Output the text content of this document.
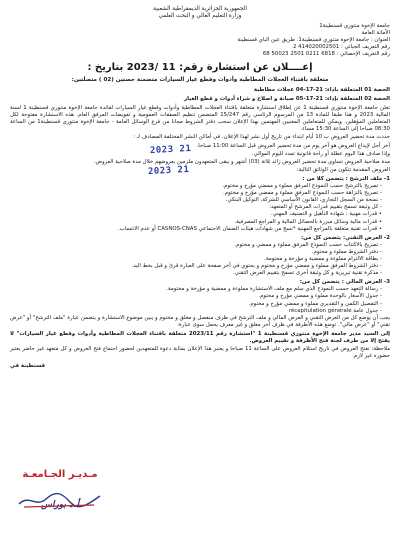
الجمهورية الجزائرية الديمقراطية الشعبية
وزارة التعليم العالي و البحث العلمي
جامعة الإخوة منتوري قسنطينة1
الأمانة العامة
العنوان : جامعة الإخوة منتوري قسنطينة1. طريق عين الباي قسنطينة
رقم التعريف الجبائي : 414020002501 2
رقم التعريف الإحصائي : 6818 0211 2501 50023 68
إعــــلان عن استشارة رقم: 11 /2023 بتاريخ :
متعلقة باقتناء العجلات المطاطية وأدوات وقطع غيار السيارات متضمنة حصتين (02 ) متصلتين:
الحصة 01 المتعلقة باداء: 21-17-04 عجلات مطاطية
الحصة 02 المتعلقة بإداء: 21-17-05 صيانة و اصلاح و شراء أدوات و قطع الغيار

تعلن جامعة الإخوة منتوري قسنطينة 1 عن إطلاق استشارة متعلقة باقتناء العجلات المطاطية وأدوات وقطع غيار السيارات لفائدة جامعة الإخوة منتوري قسنطينة 1 لسنة المالية 2023 و هذا طبقا للمادة 13 من المرسوم الرئاسي رقم 15/247 المتضمن تنظيم الصفقات العمومية و تفويضات المرفق العام. هذه الاستشارة مفتوحة لكل المتعاملين المؤهلين. ويمكن للمتعاملين المعنيين المهتمين بهذا الإعلان سحب دفتر الشروط مجانا من فرع الوسائل العامة - جامعة الإخوة منتوري قسنطينة1 من الساعة 08:30 صباحا إلى الساعة 15:30 مساء.

حددت مدة تحضير العروض ب 10 أيام ابتداء من تاريخ أول نشر لهذا الإعلان، في أماكن النشر المختلفة المصادف لـ :

آخر أجل لإيداع العروض هو آخر يوم من مدة تحضير العروض قبل الساعة 11:00 صباحا.

وإذا صادف هذا اليوم عطلة أو راحة قانونية تمدد لليوم الموالي.

مدة صلاحية العروض تساوي مدة تحضير العروض زائد ثلاثة (03) أشهر و يبقى المتعهدون ملزمين بعروضهم خلال مدة صلاحية العروض.

العروض المقدمة تتكون من الوثائق التالية:

1- ملف الترشح : يتضمن كلا من :
- تصريح بالترشح حسب النموذج المرفق مملوء و ممضي مؤرخ و مختوم.
- تصريح بالنزاهة حسب النموذج المرفق مملوء و ممضي مؤرخ و مختوم.
- نسخة من السجل التجاري، القانون الأساسي للشركة، التوكيل البنكي.
- كل وثيقة تسمح بتقييم قدرات المرشح أو المتعهد:
• قدرات مهنية : شهادة التأهيل و التصنيف المهني.
• قدرات مالية وسائل مبررة بالحصائل المالية و المراجع المصرفية.
• قدرات تقنية متعلقة بالمراجع المهنية *نسخ من شهادات هيئات الضمان الاجتماعي CASNOS-CNAS أو عدم الانتساب.
2- العرض التقني: يتضمن كل من:
- تصريح بالاكتتاب حسب النموذج المرفق مملوء و ممضي و مختوم.
- دفتر الشروط مملوء و مختوم.
- بطاقة الالتزام مملوءة و ممضية و مؤرخة و مختومة.
- دفتر الشروط المرفق مملوء و ممضي مؤرخ و مختوم و يحتوي في آخر صفحة على العبارة قرئ و قبل بخط اليد.
- مذكرة تقنية تبريرية و كل وثيقة أخرى تسمح بتقييم العرض التقني.
3- العرض المالي : يتضمن كل من:
- رسالة التعهد حسب النموذج الذي سلم مع ملف الاستشارة مملوءة و ممضية و مؤرخة و مختومة.
- جدول الأسعار بالوحدة مملوء و ممضي مؤرخ و مختوم.
- التفصيل الكمي و التقديري مملوء و ممضي مؤرخ و مختوم.
- جدول عامة récapitulation générale

يجب أن يوضع كل من العرض التقني و العرض المالي و ملف الترشح في ظرف منفصل و مغلق و مختوم و يبين موضوع الاستشارة و يتضمن عبارة "ملف الترشح" أو "عرض تقني" أو "عرض مالي". توضع هذه الأظرفة في ظرف آخر مغلق و غير معرف يحمل سوى عبارة:

إلى السيد مدير جامعة الإخوة منتوري قسنطينة 1 "استشارة رقم 2023/11 متعلقة باقتناء العجلات المطاطية وأدوات وقطع غيار السيارات" لا يفتح إلا من طرف لجنة فتح الأظرفة و تقييم العروض.

ملاحظة: تفتح العروض في تاريخ استلام العروض على الساعة 11 صباحا و يعتبر هذا الإعلان بمثابة دعوة للمتعهدين لحضور اجتماع فتح العروض و كل متعهد غير حاضر يعتبر حضوره غير لازم.

قسنطينة في
21 2023
21 2023
مـديـر الجـامعـة
أ.د بوراس
